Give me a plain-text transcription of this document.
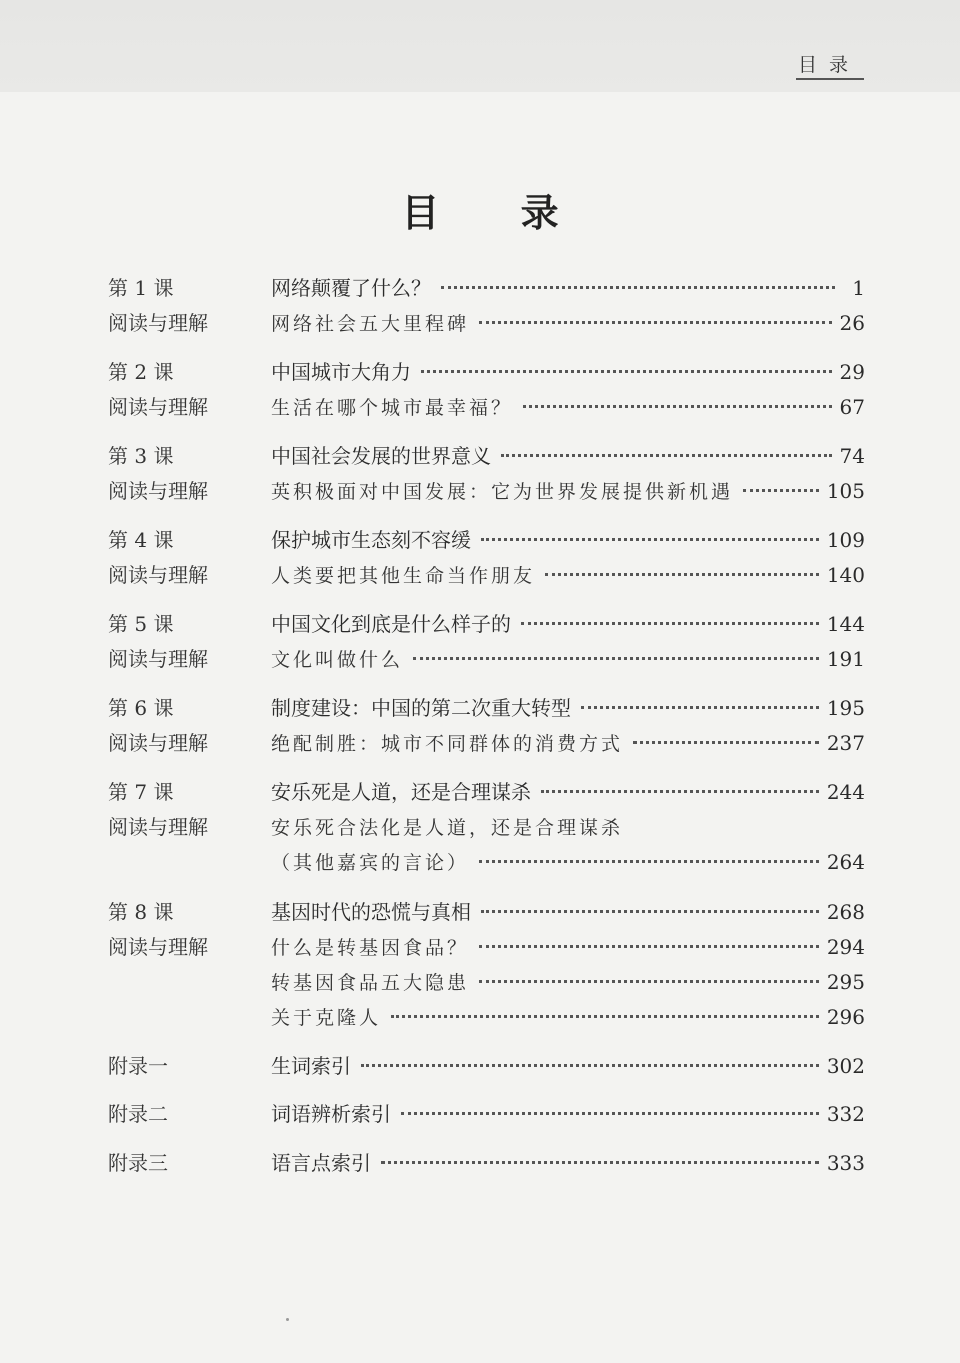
目录
目 录
第 1 课	网络颠覆了什么？	1
阅读与理解	网络社会五大里程碑	26
第 2 课	中国城市大角力	29
阅读与理解	生活在哪个城市最幸福？	67
第 3 课	中国社会发展的世界意义	74
阅读与理解	英积极面对中国发展：它为世界发展提供新机遇	105
第 4 课	保护城市生态刻不容缓	109
阅读与理解	人类要把其他生命当作朋友	140
第 5 课	中国文化到底是什么样子的	144
阅读与理解	文化叫做什么	191
第 6 课	制度建设：中国的第二次重大转型	195
阅读与理解	绝配制胜：城市不同群体的消费方式	237
第 7 课	安乐死是人道，还是合理谋杀	244
阅读与理解	安乐死合法化是人道，还是合理谋杀
（其他嘉宾的言论）	264
第 8 课	基因时代的恐慌与真相	268
阅读与理解	什么是转基因食品？	294
转基因食品五大隐患	295
关于克隆人	296
附录一	生词索引	302
附录二	词语辨析索引	332
附录三	语言点索引	333
